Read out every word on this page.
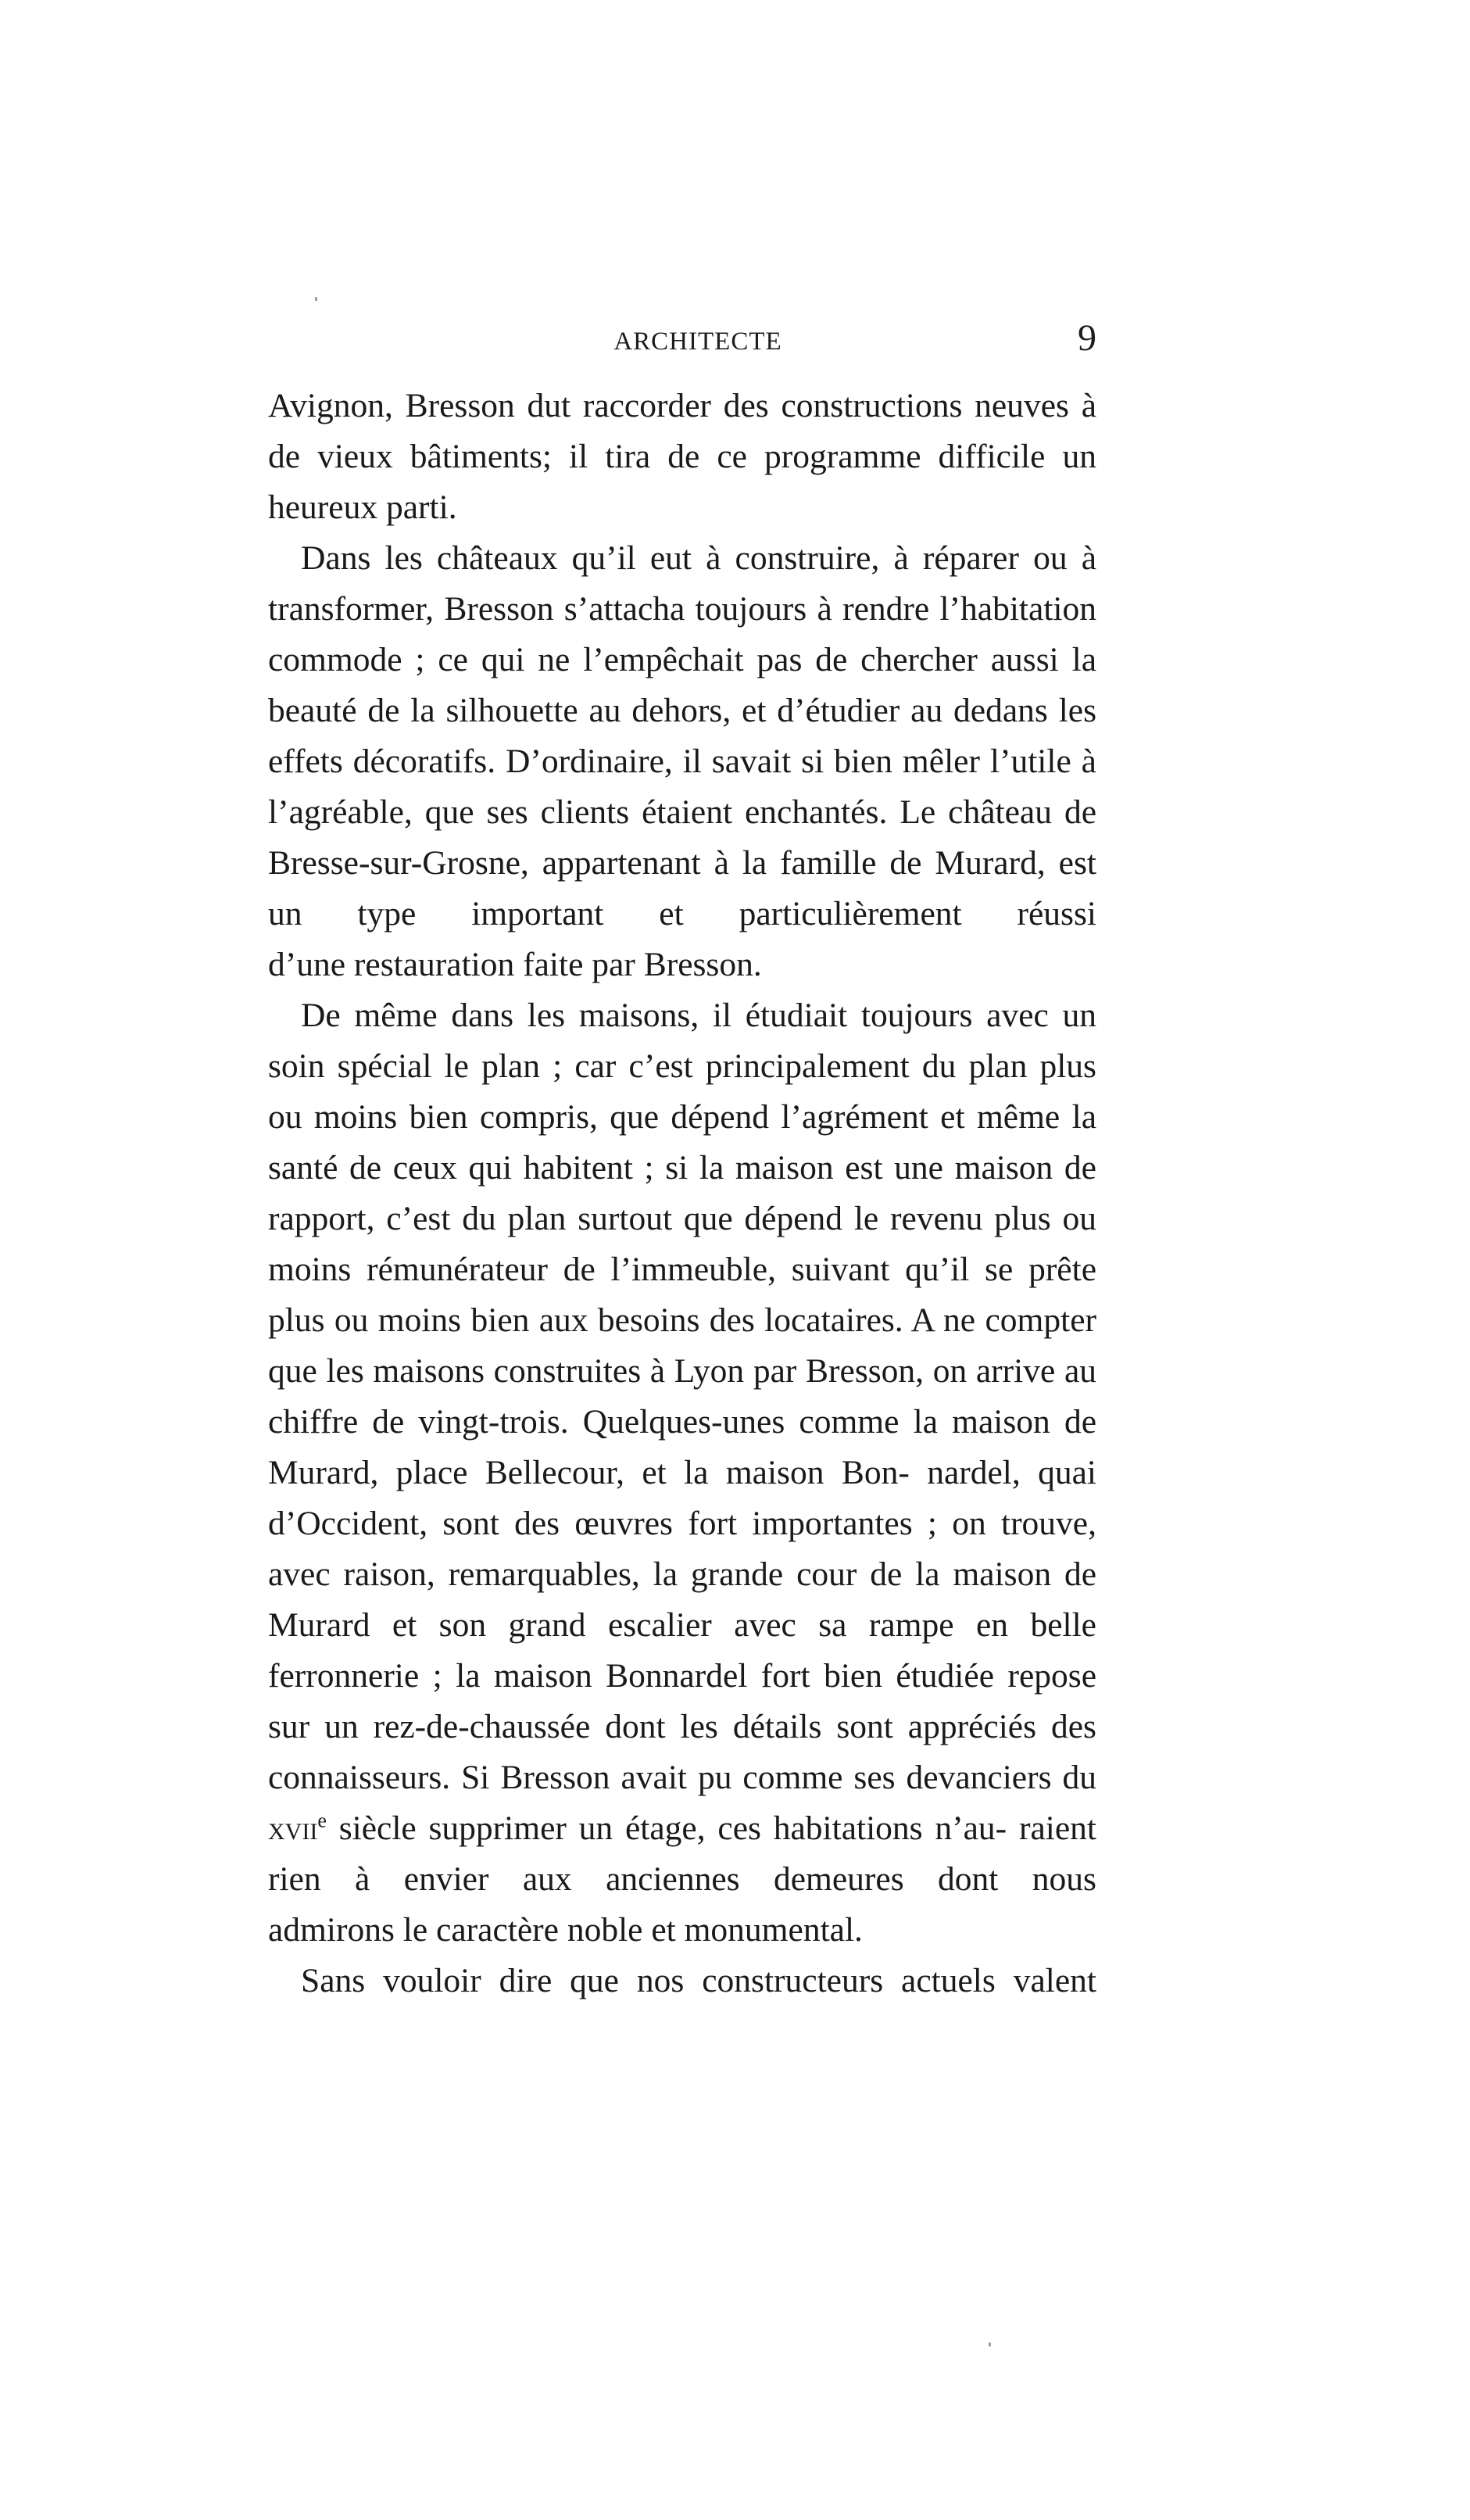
ARCHITECTE	9

Avignon, Bresson dut raccorder des constructions neuves à de vieux bâtiments; il tira de ce programme difficile un

heureux parti.

Dans les châteaux qu’il eut à construire, à réparer ou à transformer, Bresson s’attacha toujours à rendre l’habitation commode ; ce qui ne l’empêchait pas de chercher aussi la beauté de la silhouette au dehors, et d’étudier au dedans les effets décoratifs. D’ordinaire, il savait si bien mêler l’utile à l’agréable, que ses clients étaient enchantés. Le château de Bresse-sur-Grosne, appartenant à la famille de Murard, est un type important et particulièrement réussi

d’une restauration faite par Bresson.

De même dans les maisons, il étudiait toujours avec un soin spécial le plan ; car c’est principalement du plan plus ou moins bien compris, que dépend l’agrément et même la santé de ceux qui habitent ; si la maison est une maison de rapport, c’est du plan surtout que dépend le revenu plus ou moins rémunérateur de l’immeuble, suivant qu’il se prête plus ou moins bien aux besoins des locataires. A ne compter que les maisons construites à Lyon par Bresson, on arrive au chiffre de vingt-trois. Quelques-unes comme la maison de Murard, place Bellecour, et la maison Bon- nardel, quai d’Occident, sont des œuvres fort importantes ; on trouve, avec raison, remarquables, la grande cour de la maison de Murard et son grand escalier avec sa rampe en belle ferronnerie ; la maison Bonnardel fort bien étudiée repose sur un rez-de-chaussée dont les détails sont appréciés des connaisseurs. Si Bresson avait pu comme ses devanciers du xvii$^e$ siècle supprimer un étage, ces habitations n’au- raient rien à envier aux anciennes demeures dont nous

admirons le caractère noble et monumental.

Sans vouloir dire que nos constructeurs actuels valent
